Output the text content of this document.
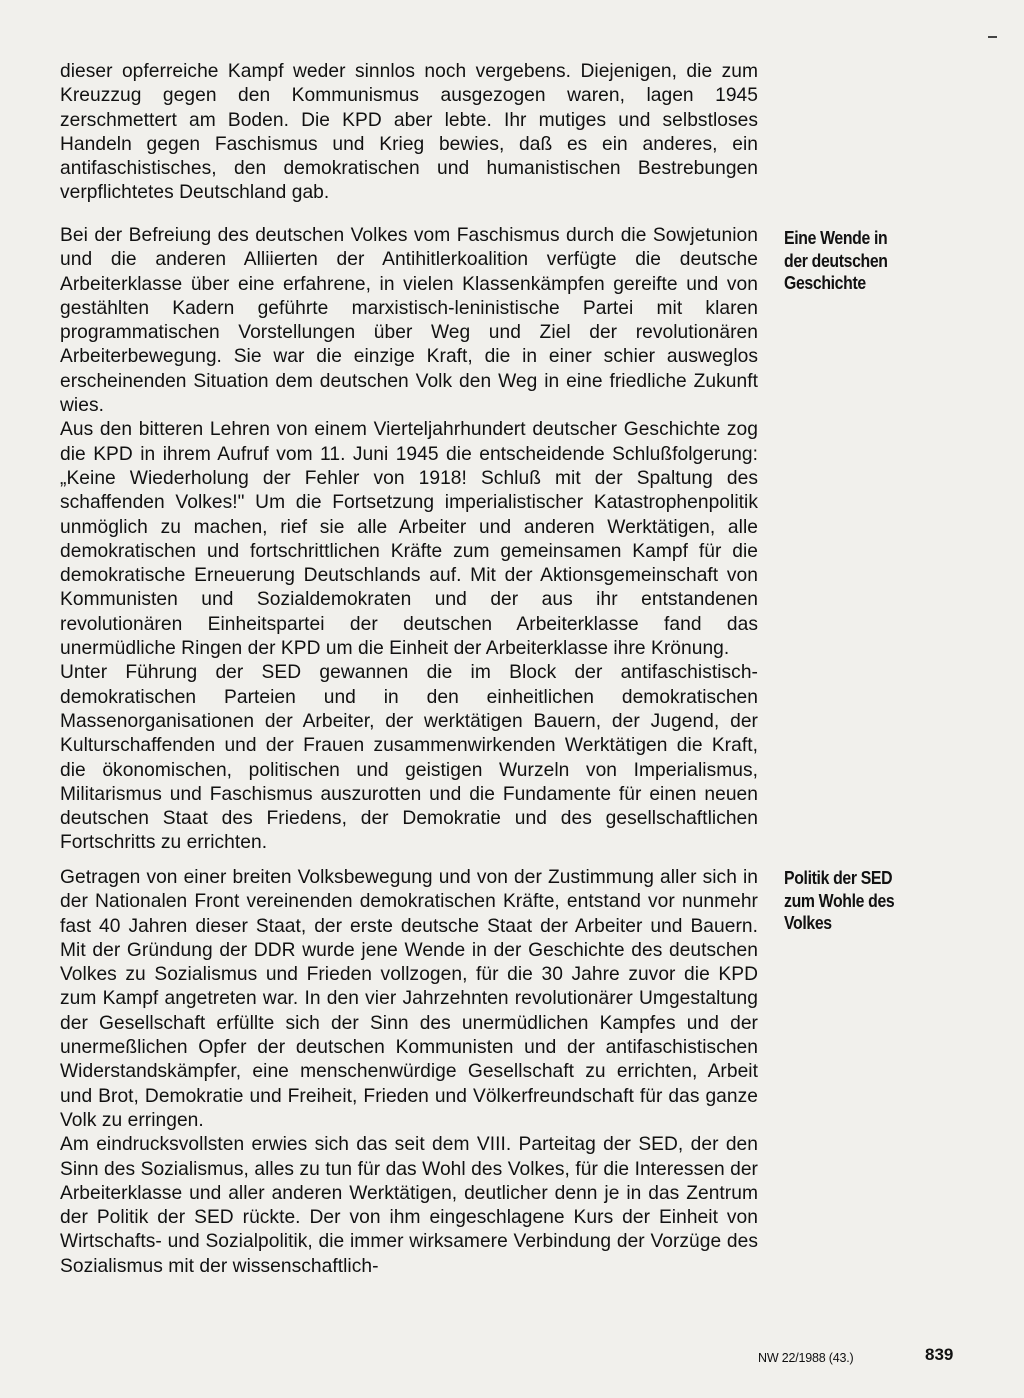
dieser opferreiche Kampf weder sinnlos noch vergebens. Diejenigen, die zum Kreuzzug gegen den Kommunismus ausgezogen waren, lagen 1945 zerschmettert am Boden. Die KPD aber lebte. Ihr mutiges und selbstloses Handeln gegen Faschismus und Krieg bewies, daß es ein anderes, ein antifaschistisches, den demokratischen und humanistischen Bestrebungen verpflichtetes Deutschland gab.

Bei der Befreiung des deutschen Volkes vom Faschismus durch die Sowjetunion und die anderen Alliierten der Antihitlerkoalition verfügte die deutsche Arbeiterklasse über eine erfahrene, in vielen Klassenkämpfen gereifte und von gestählten Kadern geführte marxistisch-leninistische Partei mit klaren programmatischen Vorstellungen über Weg und Ziel der revolutionären Arbeiterbewegung. Sie war die einzige Kraft, die in einer schier ausweglos erscheinenden Situation dem deutschen Volk den Weg in eine friedliche Zukunft wies.

Aus den bitteren Lehren von einem Vierteljahrhundert deutscher Geschichte zog die KPD in ihrem Aufruf vom 11. Juni 1945 die entscheidende Schlußfolgerung: „Keine Wiederholung der Fehler von 1918! Schluß mit der Spaltung des schaffenden Volkes!" Um die Fortsetzung imperialistischer Katastrophenpolitik unmöglich zu machen, rief sie alle Arbeiter und anderen Werktätigen, alle demokratischen und fortschrittlichen Kräfte zum gemeinsamen Kampf für die demokratische Erneuerung Deutschlands auf. Mit der Aktionsgemeinschaft von Kommunisten und Sozialdemokraten und der aus ihr entstandenen revolutionären Einheitspartei der deutschen Arbeiterklasse fand das unermüdliche Ringen der KPD um die Einheit der Arbeiterklasse ihre Krönung.

Unter Führung der SED gewannen die im Block der antifaschistisch-demokratischen Parteien und in den einheitlichen demokratischen Massenorganisationen der Arbeiter, der werktätigen Bauern, der Jugend, der Kulturschaffenden und der Frauen zusammenwirkenden Werktätigen die Kraft, die ökonomischen, politischen und geistigen Wurzeln von Imperialismus, Militarismus und Faschismus auszurotten und die Fundamente für einen neuen deutschen Staat des Friedens, der Demokratie und des gesellschaftlichen Fortschritts zu errichten.

Getragen von einer breiten Volksbewegung und von der Zustimmung aller sich in der Nationalen Front vereinenden demokratischen Kräfte, entstand vor nunmehr fast 40 Jahren dieser Staat, der erste deutsche Staat der Arbeiter und Bauern. Mit der Gründung der DDR wurde jene Wende in der Geschichte des deutschen Volkes zu Sozialismus und Frieden vollzogen, für die 30 Jahre zuvor die KPD zum Kampf angetreten war. In den vier Jahrzehnten revolutionärer Umgestaltung der Gesellschaft erfüllte sich der Sinn des unermüdlichen Kampfes und der unermeßlichen Opfer der deutschen Kommunisten und der antifaschistischen Widerstandskämpfer, eine menschenwürdige Gesellschaft zu errichten, Arbeit und Brot, Demokratie und Freiheit, Frieden und Völkerfreundschaft für das ganze Volk zu erringen.

Am eindrucksvollsten erwies sich das seit dem VIII. Parteitag der SED, der den Sinn des Sozialismus, alles zu tun für das Wohl des Volkes, für die Interessen der Arbeiterklasse und aller anderen Werktätigen, deutlicher denn je in das Zentrum der Politik der SED rückte. Der von ihm eingeschlagene Kurs der Einheit von Wirtschafts- und Sozialpolitik, die immer wirksamere Verbindung der Vorzüge des Sozialismus mit der wissenschaftlich-

Eine Wende in der deutschen Geschichte
Politik der SED zum Wohle des Volkes
NW 22/1988 (43.)	839
